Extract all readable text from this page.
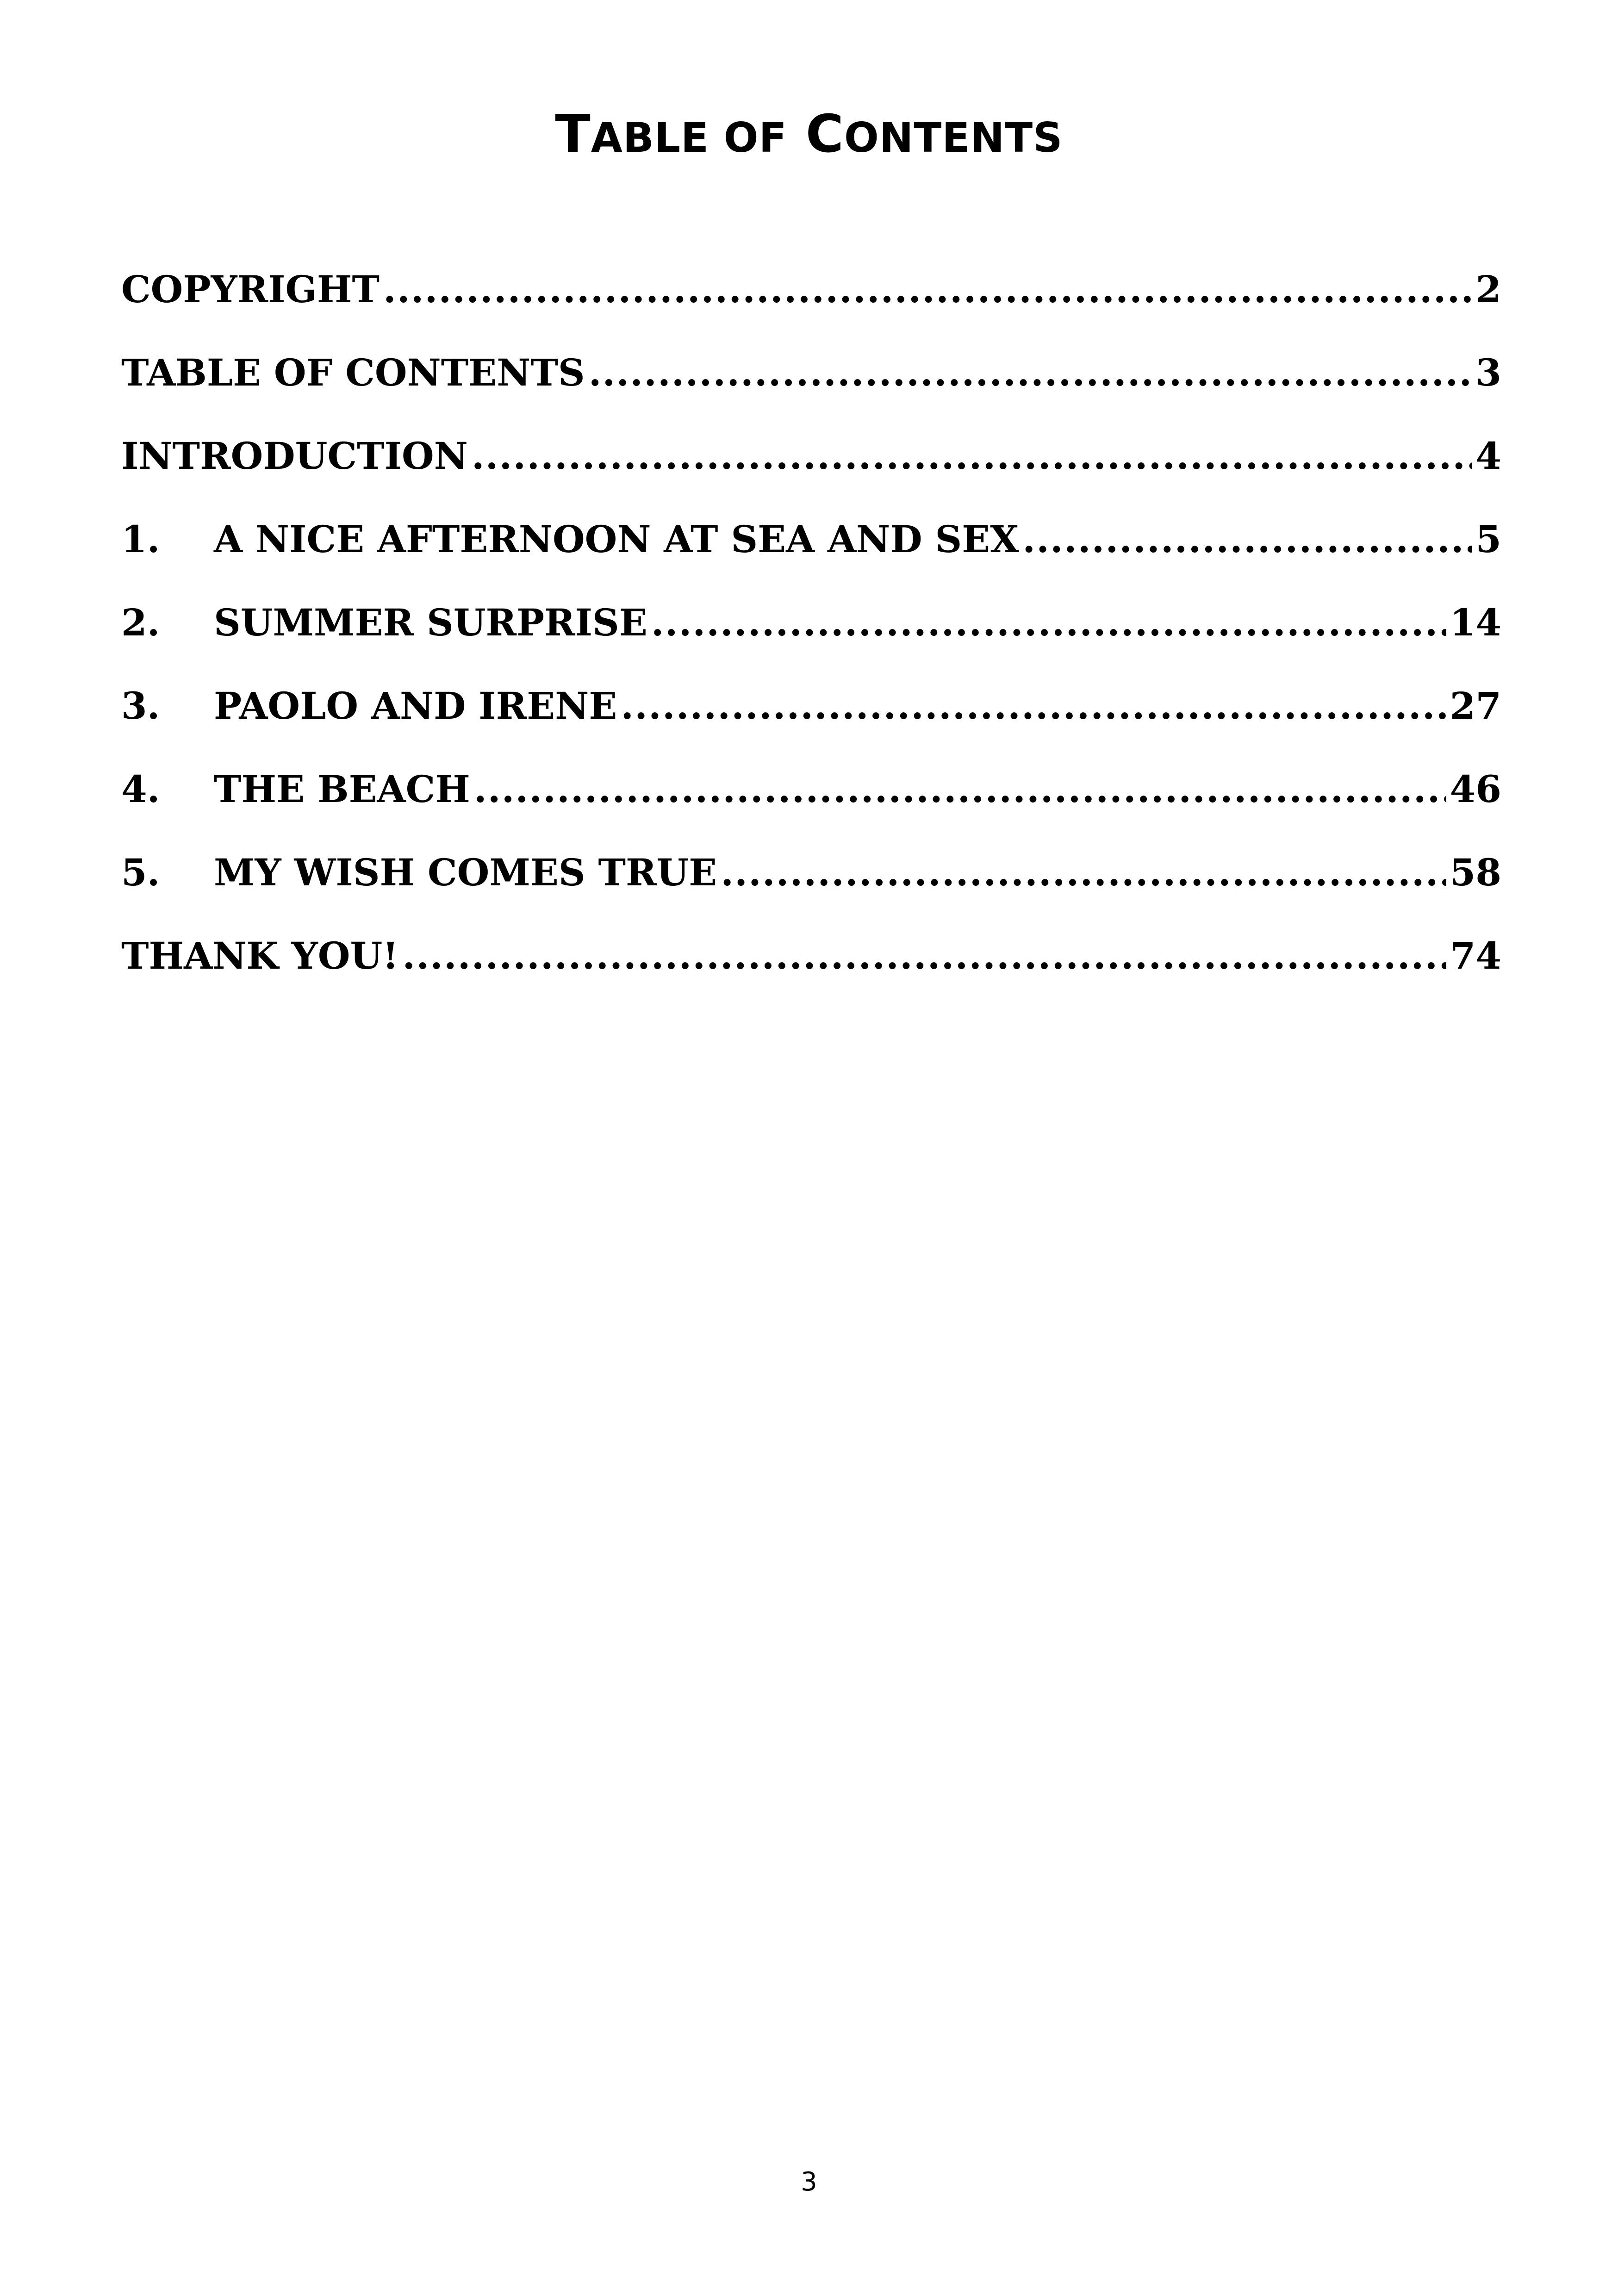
TABLE OF CONTENTS
COPYRIGHT .....	2
TABLE OF CONTENTS .....	3
INTRODUCTION .....	4
1.	A NICE AFTERNOON AT SEA AND SEX .....	5
2.	SUMMER SURPRISE .....	14
3.	PAOLO AND IRENE .....	27
4.	THE BEACH .....	46
5.	MY WISH COMES TRUE .....	58
THANK YOU! .....	74
3
